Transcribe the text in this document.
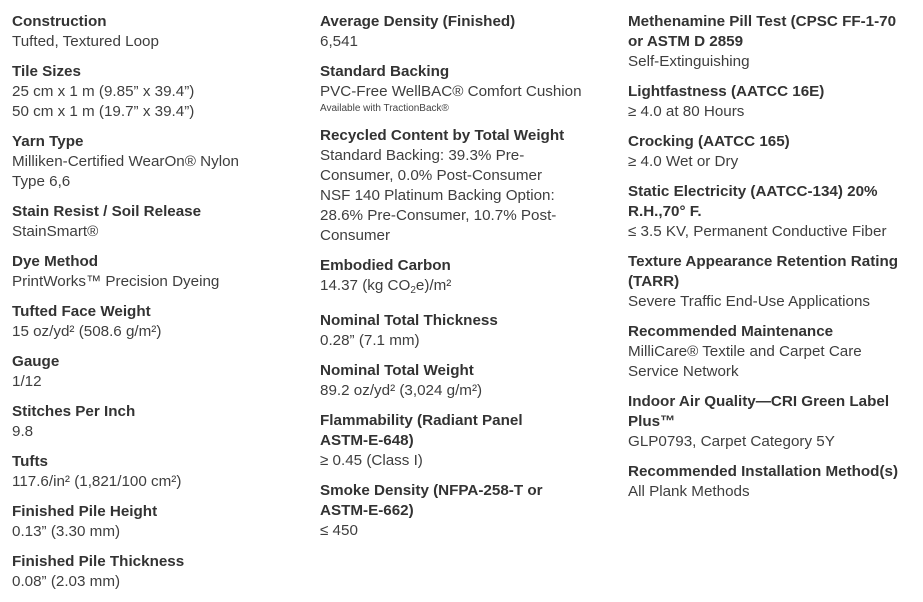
Construction
Tufted, Textured Loop
Tile Sizes
25 cm x 1 m (9.85” x 39.4”)
50 cm x 1 m (19.7” x 39.4”)
Yarn Type
Milliken-Certified WearOn® Nylon
Type 6,6
Stain Resist / Soil Release
StainSmart®
Dye Method
PrintWorks™ Precision Dyeing
Tufted Face Weight
15 oz/yd² (508.6 g/m²)
Gauge
1/12
Stitches Per Inch
9.8
Tufts
117.6/in² (1,821/100 cm²)
Finished Pile Height
0.13” (3.30 mm)
Finished Pile Thickness
0.08” (2.03 mm)
Average Density (Finished)
6,541
Standard Backing
PVC-Free WellBAC® Comfort Cushion
Available with TractionBack®
Recycled Content by Total Weight
Standard Backing: 39.3% Pre-
Consumer, 0.0% Post-Consumer
NSF 140 Platinum Backing Option:
28.6% Pre-Consumer, 10.7% Post-
Consumer
Embodied Carbon
14.37 (kg $CO_2e)/m^2$
Nominal Total Thickness
0.28” (7.1 mm)
Nominal Total Weight
89.2 oz/yd² (3,024 g/m²)
Flammability (Radiant Panel
ASTM-E-648)
≥ 0.45 (Class I)
Smoke Density (NFPA-258-T or
ASTM-E-662)
≤ 450
Methenamine Pill Test (CPSC FF-1-70
or ASTM D 2859
Self-Extinguishing
Lightfastness (AATCC 16E)
≥ 4.0 at 80 Hours
Crocking (AATCC 165)
≥ 4.0 Wet or Dry
Static Electricity (AATCC-134) 20%
R.H.,70° F.
≤ 3.5 KV, Permanent Conductive Fiber
Texture Appearance Retention Rating
(TARR)
Severe Traffic End-Use Applications
Recommended Maintenance
MilliCare® Textile and Carpet Care
Service Network
Indoor Air Quality—CRI Green Label
Plus™
GLP0793, Carpet Category 5Y
Recommended Installation Method(s)
All Plank Methods
